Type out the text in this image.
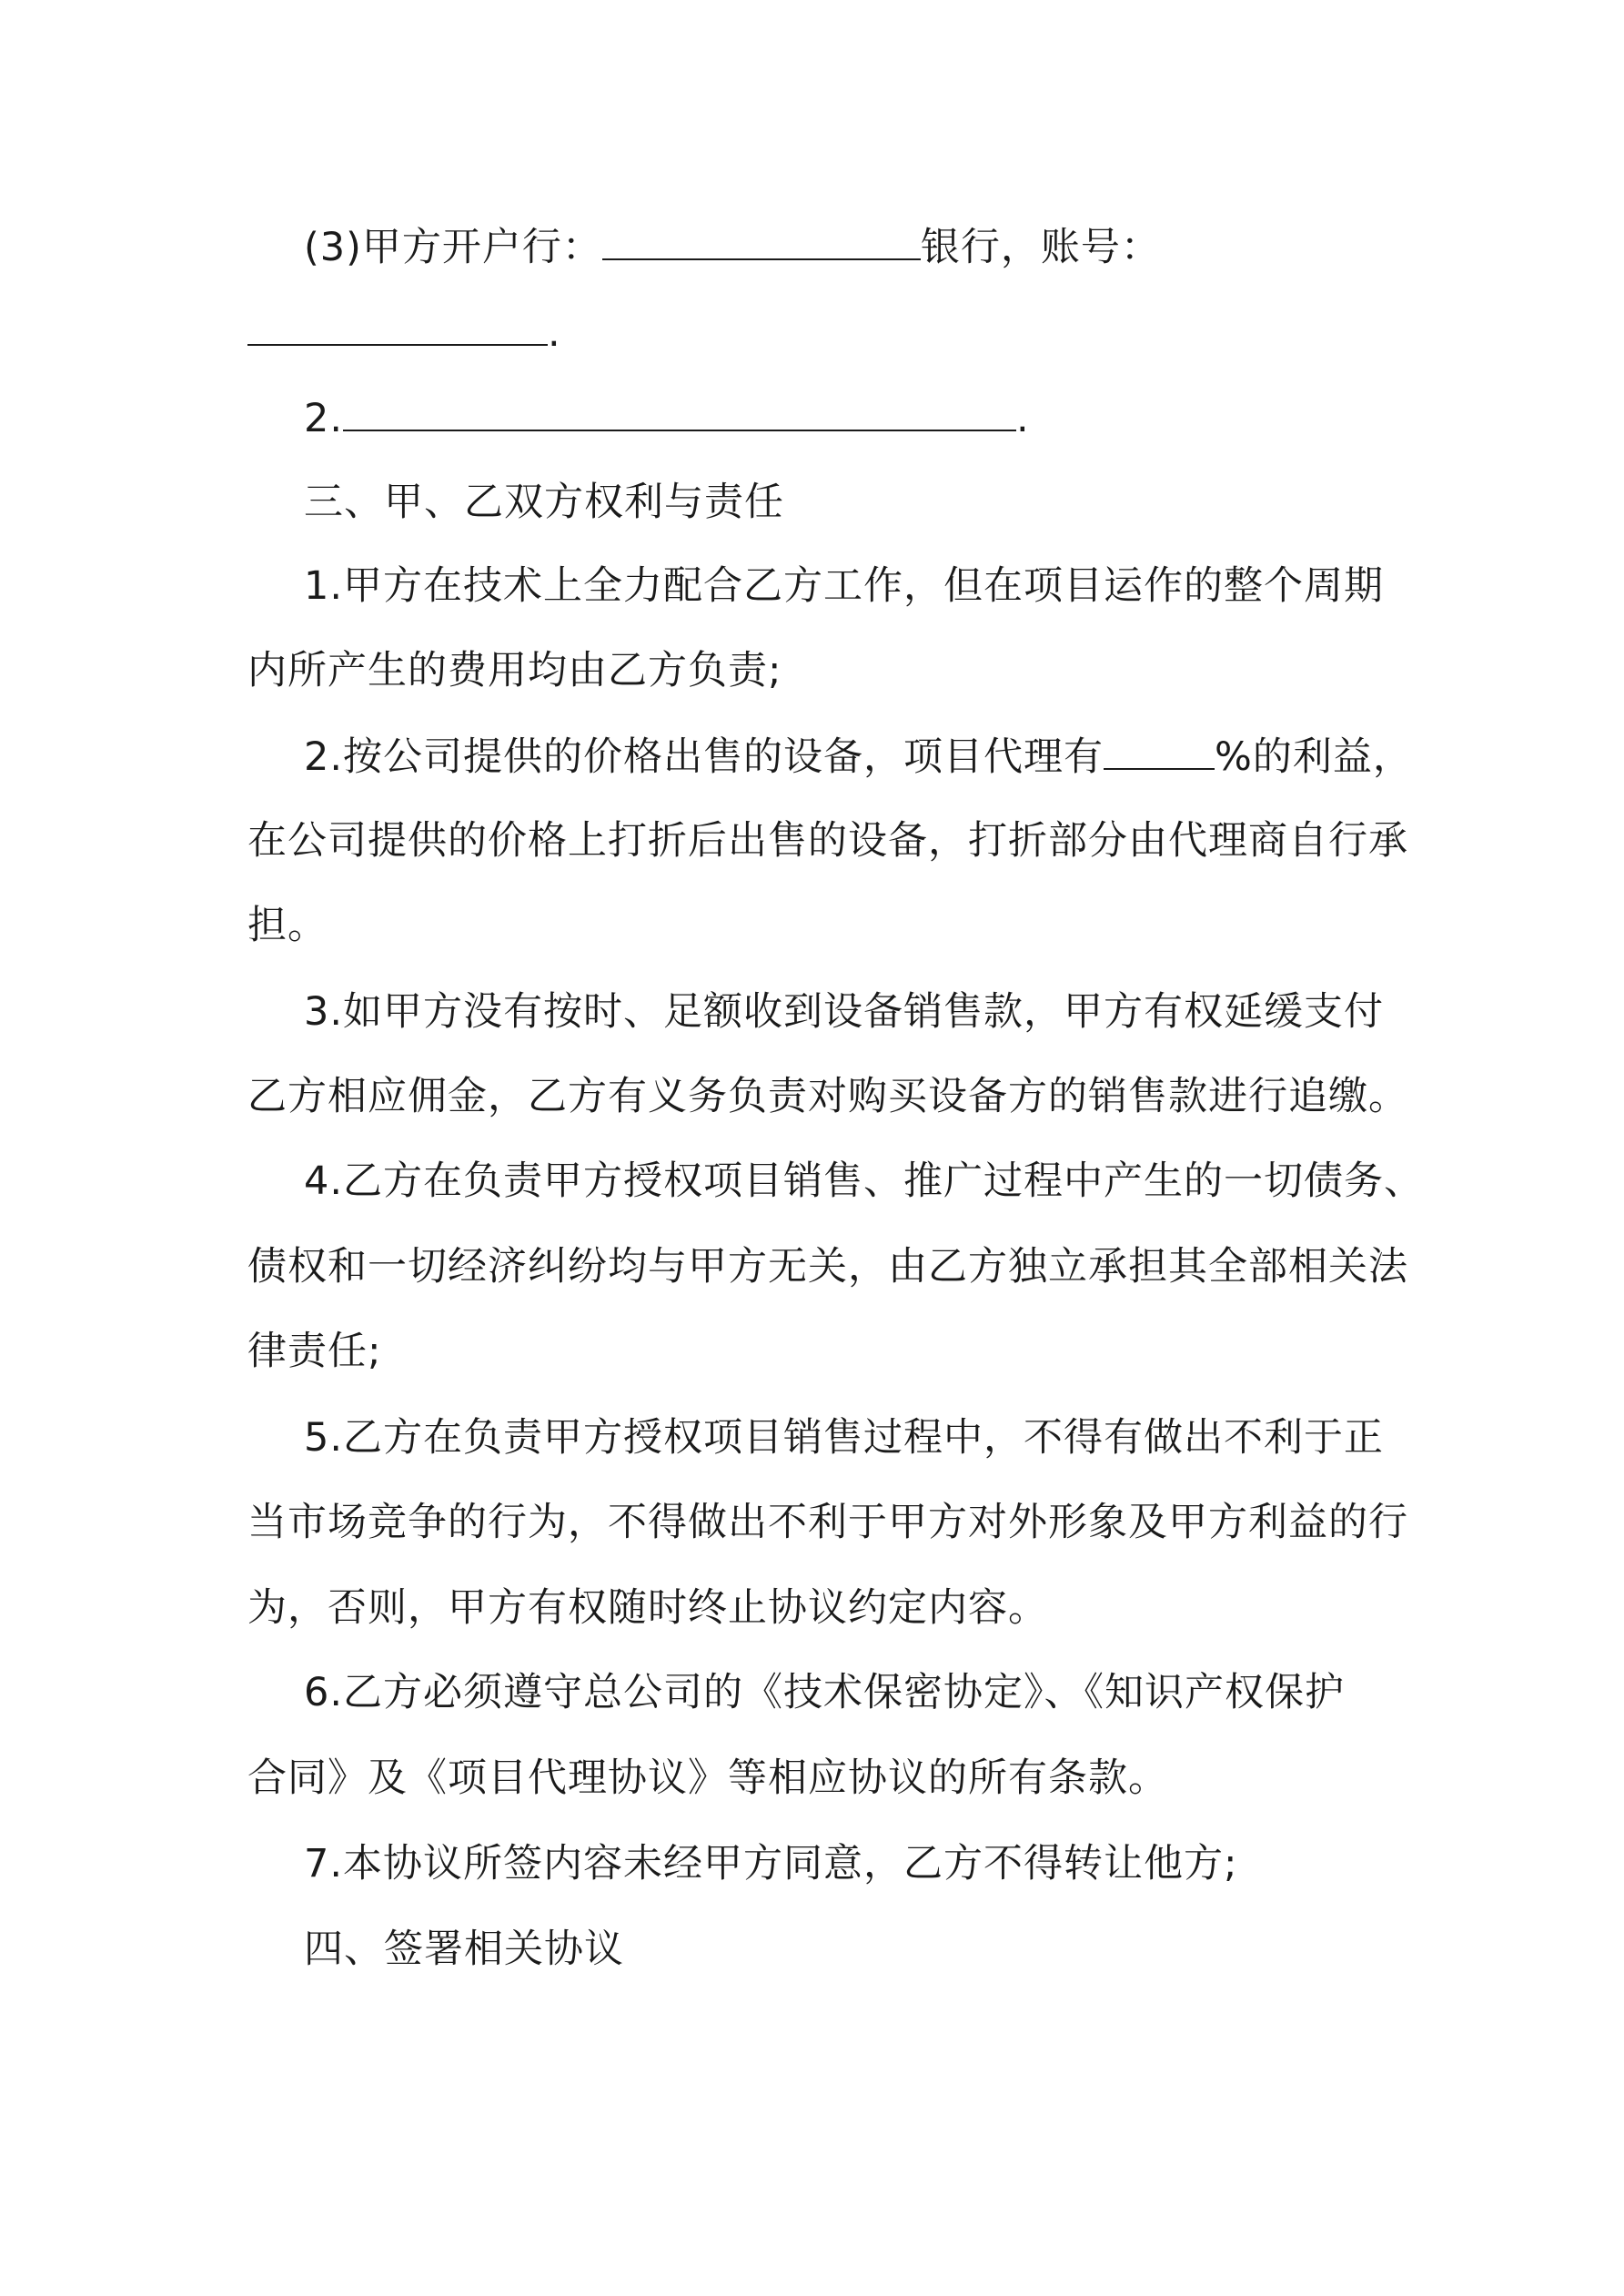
(3)甲方开户行：	银行，账号：
.
2.	.
三、甲、乙双方权利与责任
1.甲方在技术上全力配合乙方工作，但在项目运作的整个周期
内所产生的费用均由乙方负责;
2.按公司提供的价格出售的设备，项目代理有	%的利益，
在公司提供的价格上打折后出售的设备，打折部分由代理商自行承
担。
3.如甲方没有按时、足额收到设备销售款，甲方有权延缓支付
乙方相应佣金，乙方有义务负责对购买设备方的销售款进行追缴。
4.乙方在负责甲方授权项目销售、推广过程中产生的一切债务、
债权和一切经济纠纷均与甲方无关，由乙方独立承担其全部相关法
律责任;
5.乙方在负责甲方授权项目销售过程中，不得有做出不利于正
当市场竞争的行为，不得做出不利于甲方对外形象及甲方利益的行
为，否则，甲方有权随时终止协议约定内容。
6.乙方必须遵守总公司的《技术保密协定》、《知识产权保护
合同》及《项目代理协议》等相应协议的所有条款。
7.本协议所签内容未经甲方同意，乙方不得转让他方;
四、签署相关协议
